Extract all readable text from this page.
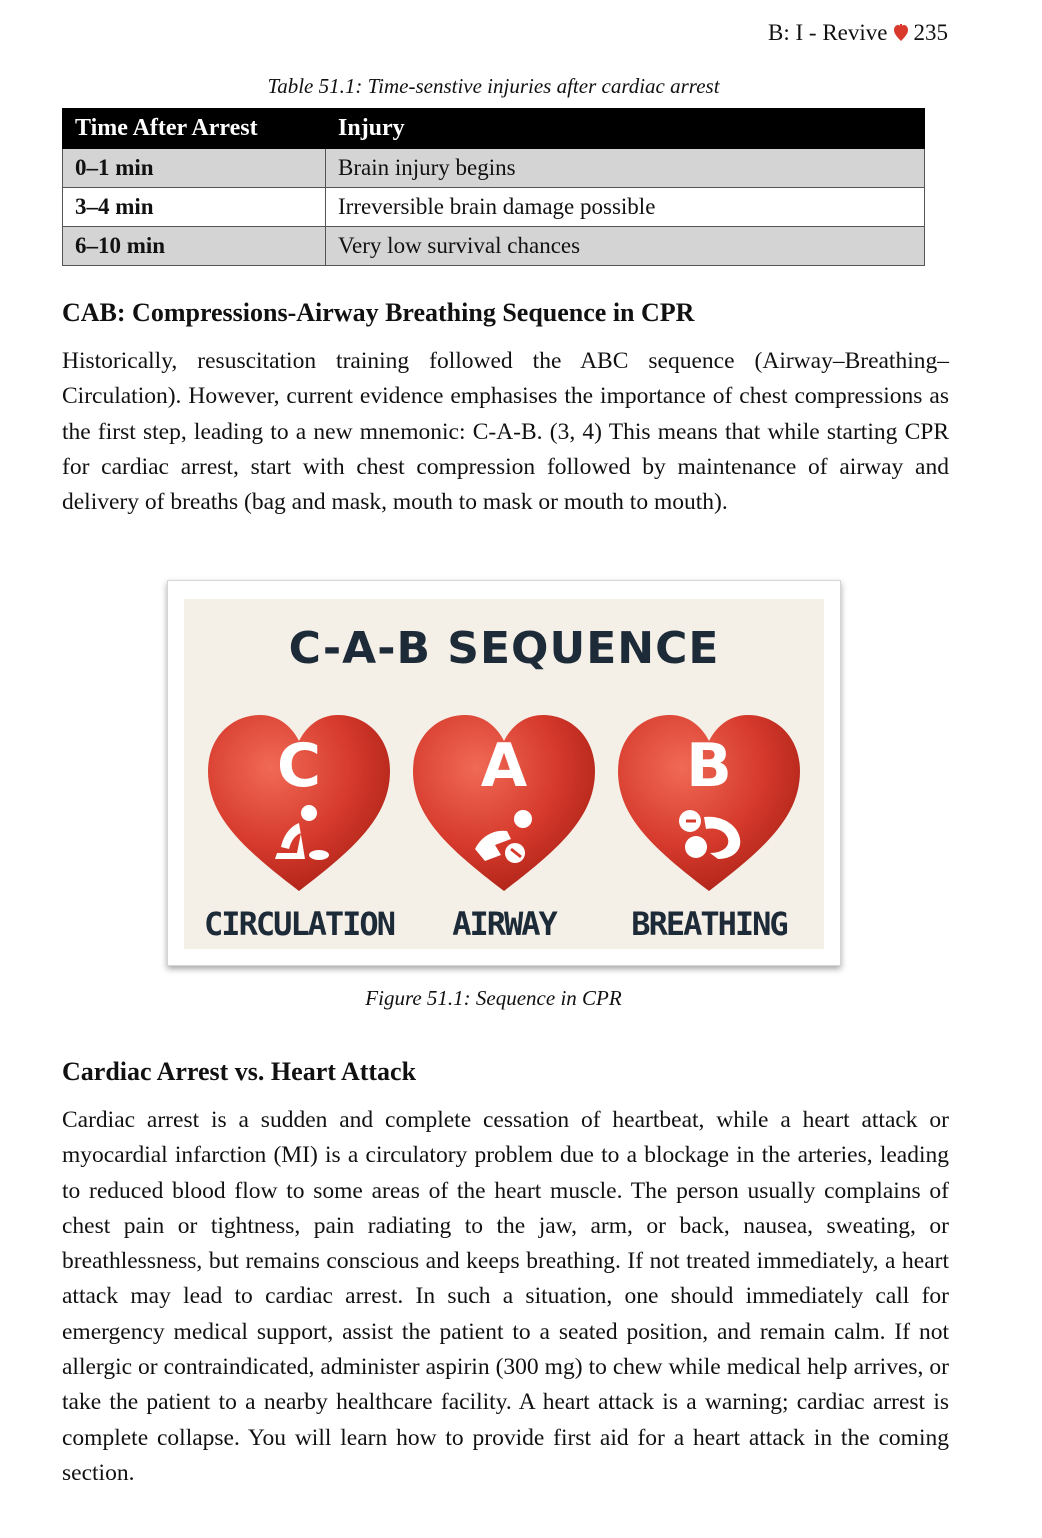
B: I - Revive 235
Table 51.1: Time-senstive injuries after cardiac arrest
Time After Arrest	Injury
0–1 min	Brain injury begins
3–4 min	Irreversible brain damage possible
6–10 min	Very low survival chances
CAB: Compressions-Airway Breathing Sequence in CPR

Historically, resuscitation training followed the ABC sequence (Airway–Breathing–Circulation). However, current evidence emphasises the importance of chest compressions as the first step, leading to a new mnemonic: C-A-B. (3, 4) This means that while starting CPR for cardiac arrest, start with chest compression followed by maintenance of airway and delivery of breaths (bag and mask, mouth to mask or mouth to mouth).

C-A-B SEQUENCE
C
CIRCULATION
A
AIRWAY
B
BREATHING
Figure 51.1: Sequence in CPR
Cardiac Arrest vs. Heart Attack

Cardiac arrest is a sudden and complete cessation of heartbeat, while a heart attack or myocardial infarction (MI) is a circulatory problem due to a blockage in the arteries, leading to reduced blood flow to some areas of the heart muscle. The person usually complains of chest pain or tightness, pain radiating to the jaw, arm, or back, nausea, sweating, or breathlessness, but remains conscious and keeps breathing. If not treated immediately, a heart attack may lead to cardiac arrest. In such a situation, one should immediately call for emergency medical support, assist the patient to a seated position, and remain calm. If not allergic or contraindicated, administer aspirin (300 mg) to chew while medical help arrives, or take the patient to a nearby healthcare facility. A heart attack is a warning; cardiac arrest is complete collapse. You will learn how to provide first aid for a heart attack in the coming section.
